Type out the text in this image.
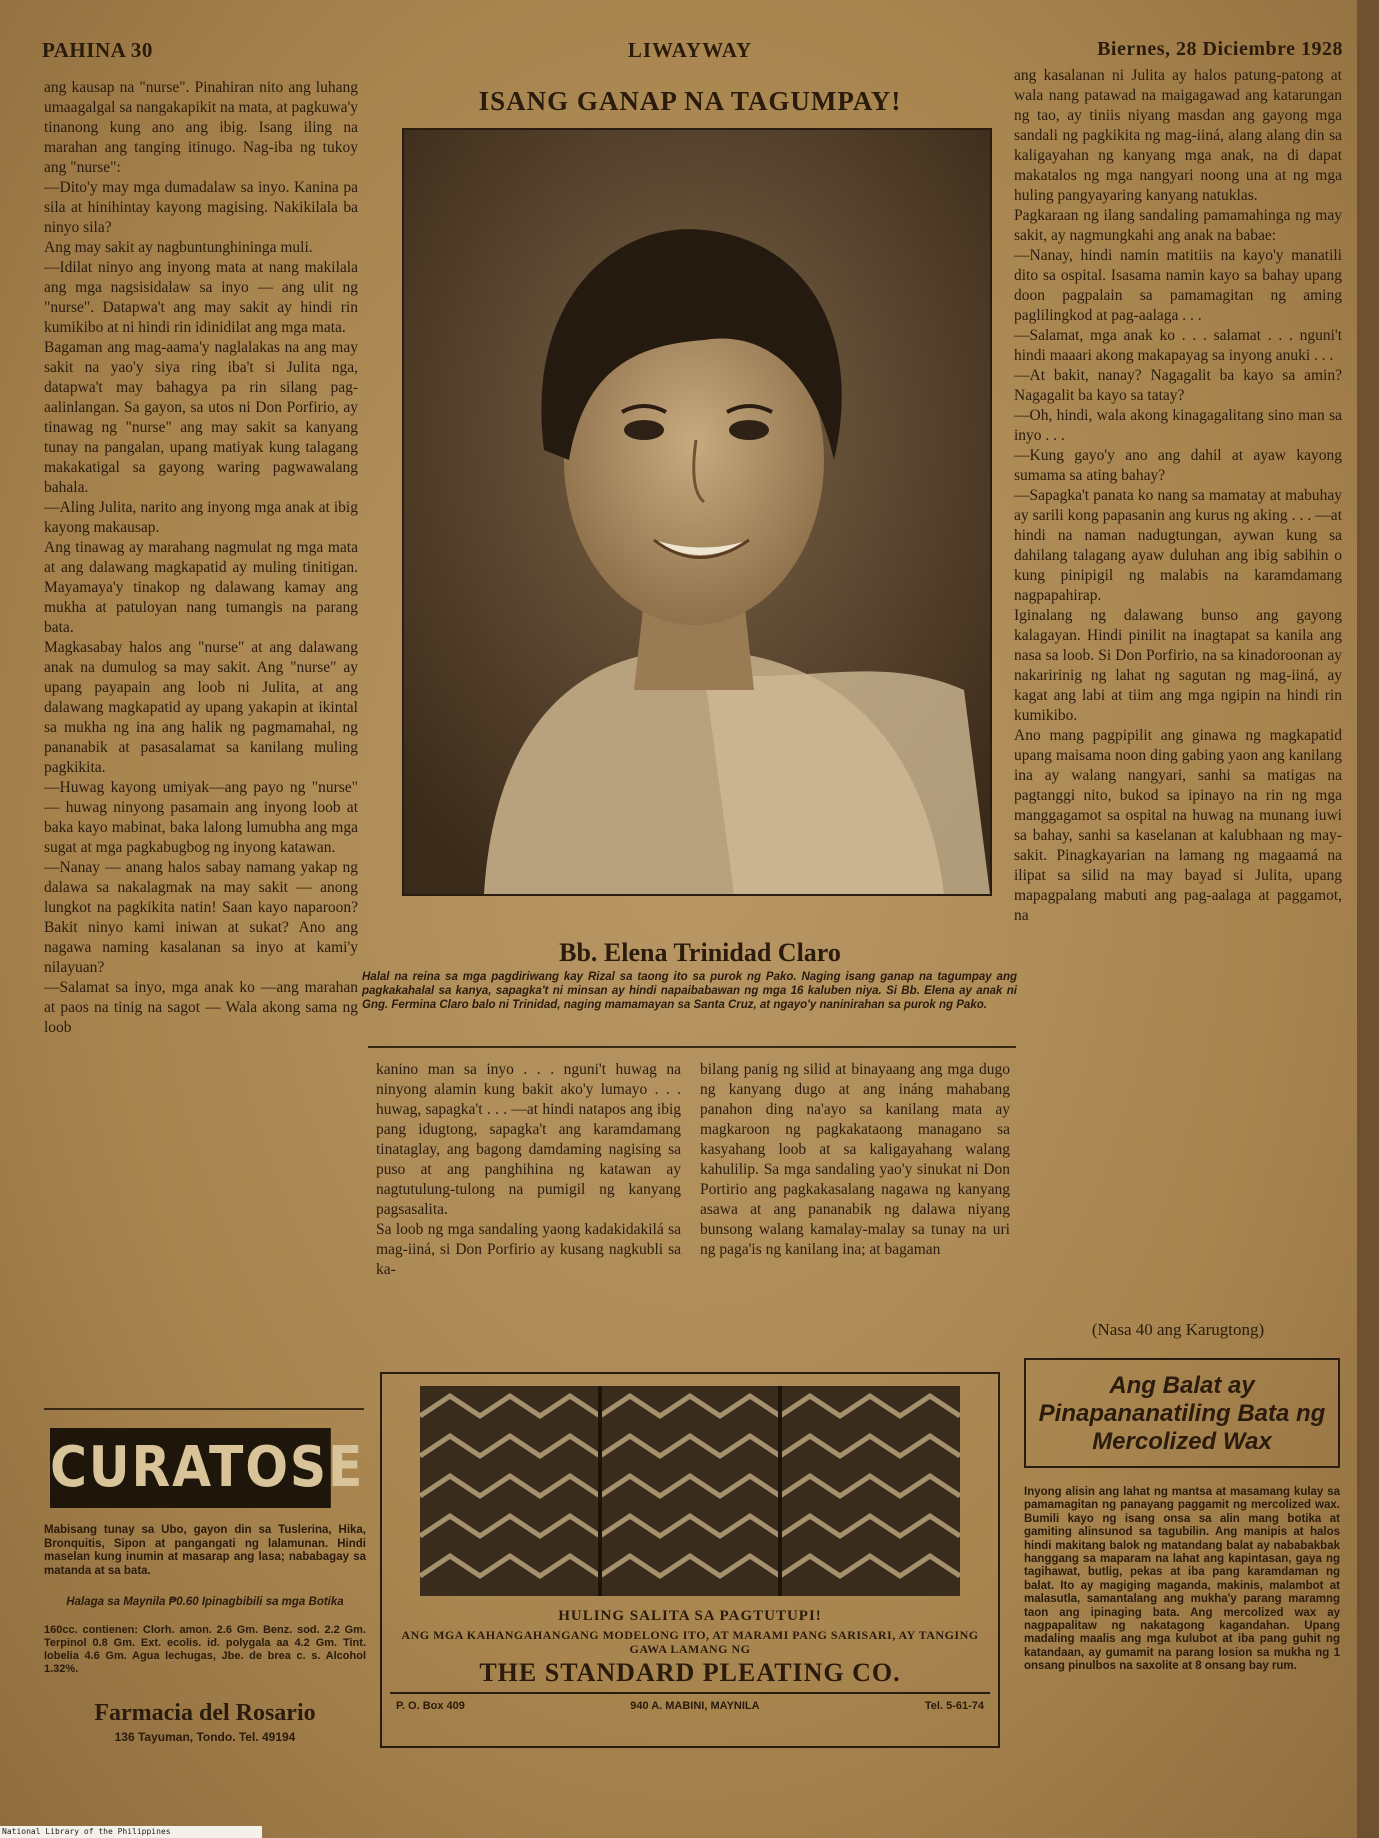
PAHINA 30	LIWAYWAY	Biernes, 28 Diciembre 1928
ISANG GANAP NA TAGUMPAY!
ang kausap na "nurse". Pinahiran nito ang luhang umaagalgal sa nangakapikit na mata, at pagkuwa'y tinanong kung ano ang ibig. Isang iling na marahan ang tanging itinugo. Nag-iba ng tukoy ang "nurse":
—Dito'y may mga dumadalaw sa inyo. Kanina pa sila at hinihintay kayong magising. Nakikilala ba ninyo sila?
Ang may sakit ay nagbuntunghininga muli.
—Idilat ninyo ang inyong mata at nang makilala ang mga nagsisidalaw sa inyo — ang ulit ng "nurse". Datapwa't ang may sakit ay hindi rin kumikibo at ni hindi rin idinidilat ang mga mata.
Bagaman ang mag-aama'y naglalakas na ang may sakit na yao'y siya ring iba't si Julita nga, datapwa't may bahagya pa rin silang pag-aalinlangan. Sa gayon, sa utos ni Don Porfirio, ay tinawag ng "nurse" ang may sakit sa kanyang tunay na pangalan, upang matiyak kung talagang makakatigal sa gayong waring pagwawalang bahala.
—Aling Julita, narito ang inyong mga anak at ibig kayong makausap.
Ang tinawag ay marahang nagmulat ng mga mata at ang dalawang magkapatid ay muling tinitigan. Mayamaya'y tinakop ng dalawang kamay ang mukha at patuloyan nang tumangis na parang bata.
Magkasabay halos ang "nurse" at ang dalawang anak na dumulog sa may sakit. Ang "nurse" ay upang payapain ang loob ni Julita, at ang dalawang magkapatid ay upang yakapin at ikintal sa mukha ng ina ang halik ng pagmamahal, ng pananabik at pasasalamat sa kanilang muling pagkikita.
—Huwag kayong umiyak—ang payo ng "nurse" — huwag ninyong pasamain ang inyong loob at baka kayo mabinat, baka lalong lumubha ang mga sugat at mga pagkabugbog ng inyong katawan.
—Nanay — anang halos sabay namang yakap ng dalawa sa nakalagmak na may sakit — anong lungkot na pagkikita natin! Saan kayo naparoon? Bakit ninyo kami iniwan at sukat? Ano ang nagawa naming kasalanan sa inyo at kami'y nilayuan?
—Salamat sa inyo, mga anak ko —ang marahan at paos na tinig na sagot — Wala akong sama ng loob
Bb. Elena Trinidad Claro
Halal na reina sa mga pagdiriwang kay Rizal sa taong ito sa purok ng Pako. Naging isang ganap na tagumpay ang pagkakahalal sa kanya, sapagka't ni minsan ay hindi napaibabawan ng mga 16 kaluben niya. Si Bb. Elena ay anak ni Gng. Fermina Claro balo ni Trinidad, naging mamamayan sa Santa Cruz, at ngayo'y naninirahan sa purok ng Pako.
kanino man sa inyo . . . nguni't huwag na ninyong alamin kung bakit ako'y lumayo . . . huwag, sapagka't . . . —at hindi natapos ang ibig pang idugtong, sapagka't ang karamdamang tinataglay, ang bagong damdaming nagising sa puso at ang panghihina ng katawan ay nagtutulung-tulong na pumigil ng kanyang pagsasalita.
Sa loob ng mga sandaling yaong kadakidakilá sa mag-iiná, si Don Porfirio ay kusang nagkubli sa ka-
bilang panig ng silid at binayaang ang mga dugo ng kanyang dugo at ang ináng mahabang panahon ding na'ayo sa kanilang mata ay magkaroon ng pagkakataong managano sa kasyahang loob at sa kaligayahang walang kahulilip. Sa mga sandaling yao'y sinukat ni Don Portirio ang pagkakasalang nagawa ng kanyang asawa at ang pananabik ng dalawa niyang bunsong walang kamalay-malay sa tunay na uri ng paga'is ng kanilang ina; at bagaman
ang kasalanan ni Julita ay halos patung-patong at wala nang patawad na maigagawad ang katarungan ng tao, ay tiniis niyang masdan ang gayong mga sandali ng pagkikita ng mag-iiná, alang alang din sa kaligayahan ng kanyang mga anak, na di dapat makatalos ng mga nangyari noong una at ng mga huling pangyayaring kanyang natuklas.
Pagkaraan ng ilang sandaling pamamahinga ng may sakit, ay nagmungkahi ang anak na babae:
—Nanay, hindi namin matitiis na kayo'y manatili dito sa ospital. Isasama namin kayo sa bahay upang doon pagpalain sa pamamagitan ng aming paglilingkod at pag-aalaga . . .
—Salamat, mga anak ko . . . salamat . . . nguni't hindi maaari akong makapayag sa inyong anuki . . .
—At bakit, nanay? Nagagalit ba kayo sa amin? Nagagalit ba kayo sa tatay?
—Oh, hindi, wala akong kinagagalitang sino man sa inyo . . .
—Kung gayo'y ano ang dahil at ayaw kayong sumama sa ating bahay?
—Sapagka't panata ko nang sa mamatay at mabuhay ay sarili kong papasanin ang kurus ng aking . . . —at hindi na naman nadugtungan, aywan kung sa dahilang talagang ayaw duluhan ang ibig sabihin o kung pinipigil ng malabis na karamdamang nagpapahirap.
Iginalang ng dalawang bunso ang gayong kalagayan. Hindi pinilit na inagtapat sa kanila ang nasa sa loob. Si Don Porfirio, na sa kinadoroonan ay nakaririnig ng lahat ng sagutan ng mag-iiná, ay kagat ang labi at tiim ang mga ngipin na hindi rin kumikibo.
Ano mang pagpipilit ang ginawa ng magkapatid upang maisama noon ding gabing yaon ang kanilang ina ay walang nangyari, sanhi sa matigas na pagtanggi nito, bukod sa ipinayo na rin ng mga manggagamot sa ospital na huwag na munang iuwi sa bahay, sanhi sa kaselanan at kalubhaan ng may-sakit. Pinagkayarian na lamang ng magaamá na ilipat sa silid na may bayad si Julita, upang mapagpalang mabuti ang pag-aalaga at paggamot, na
(Nasa 40 ang Karugtong)
CURATOSE
Mabisang tunay sa Ubo, gayon din sa Tuslerina, Hika, Bronquitis, Sipon at pangangati ng lalamunan. Hindi maselan kung inumin at masarap ang lasa; nababagay sa matanda at sa bata.
Halaga sa Maynila ₱0.60 Ipinagbibili sa mga Botika
160cc. contienen: Clorh. amon. 2.6 Gm. Benz. sod. 2.2 Gm. Terpinol 0.8 Gm. Ext. ecolis. id. polygala aa 4.2 Gm. Tint. lobelia 4.6 Gm. Agua lechugas, Jbe. de brea c. s. Alcohol 1.32%.
Farmacia del Rosario
136 Tayuman, Tondo. Tel. 49194
HULING SALITA SA PAGTUTUPI!
ANG MGA KAHANGAHANGANG MODELONG ITO, AT MARAMI PANG SARISARI, AY TANGING GAWA LAMANG NG
THE STANDARD PLEATING CO.
P. O. Box 409	940 A. MABINI, MAYNILA	Tel. 5-61-74
Ang Balat ay Pinapananatiling Bata ng Mercolized Wax
Inyong alisin ang lahat ng mantsa at masamang kulay sa pamamagitan ng panayang paggamit ng mercolized wax. Bumili kayo ng isang onsa sa alin mang botika at gamiting alinsunod sa tagubilin. Ang manipis at halos hindi makitang balok ng matandang balat ay nababakbak hanggang sa maparam na lahat ang kapintasan, gaya ng tagihawat, butlig, pekas at iba pang karamdaman ng balat. Ito ay magiging maganda, makinis, malambot at malasutla, samantalang ang mukha'y parang maramng taon ang ipinaging bata. Ang mercolized wax ay nagpapalitaw ng nakatagong kagandahan. Upang madaling maalis ang mga kulubot at iba pang guhit ng katandaan, ay gumamit na parang losion sa mukha ng 1 onsang pinulbos na saxolite at 8 onsang bay rum.
National Library of the Philippines
